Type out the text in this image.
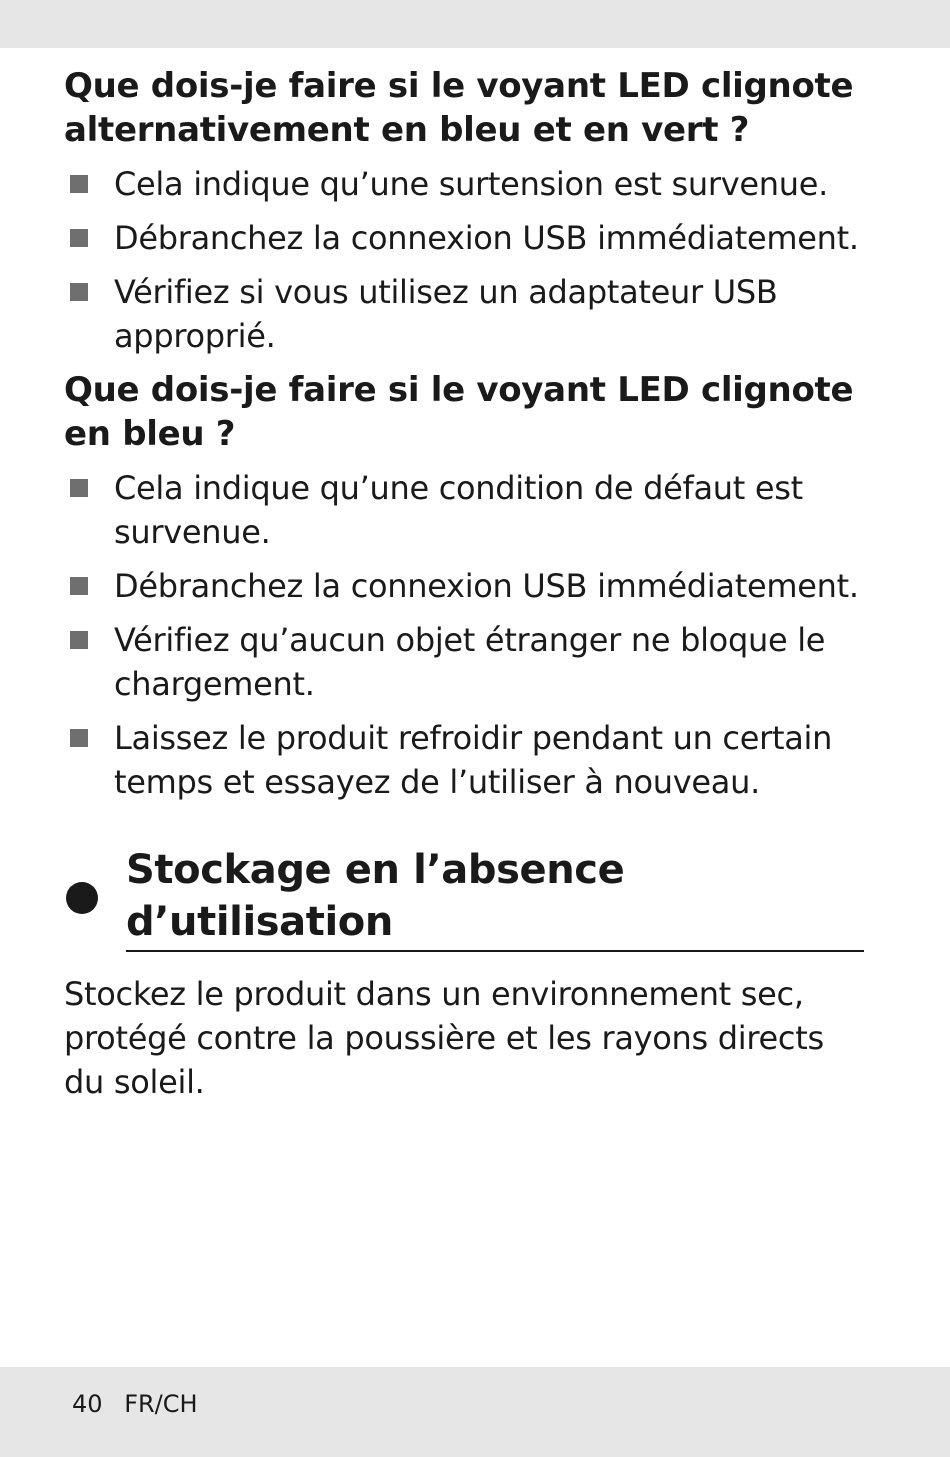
Que dois-je faire si le voyant LED clignote
alternativement en bleu et en vert ?
Cela indique qu’une surtension est survenue.
Débranchez la connexion USB immédiatement.
Vérifiez si vous utilisez un adaptateur USB approprié.
Que dois-je faire si le voyant LED clignote
en bleu ?
Cela indique qu’une condition de défaut est survenue.
Débranchez la connexion USB immédiatement.
Vérifiez qu’aucun objet étranger ne bloque le chargement.
Laissez le produit refroidir pendant un certain temps et essayez de l’utiliser à nouveau.
Stockage en l’absence d’utilisation

Stockez le produit dans un environnement sec, protégé contre la poussière et les rayons directs du soleil.

40 FR/CH
